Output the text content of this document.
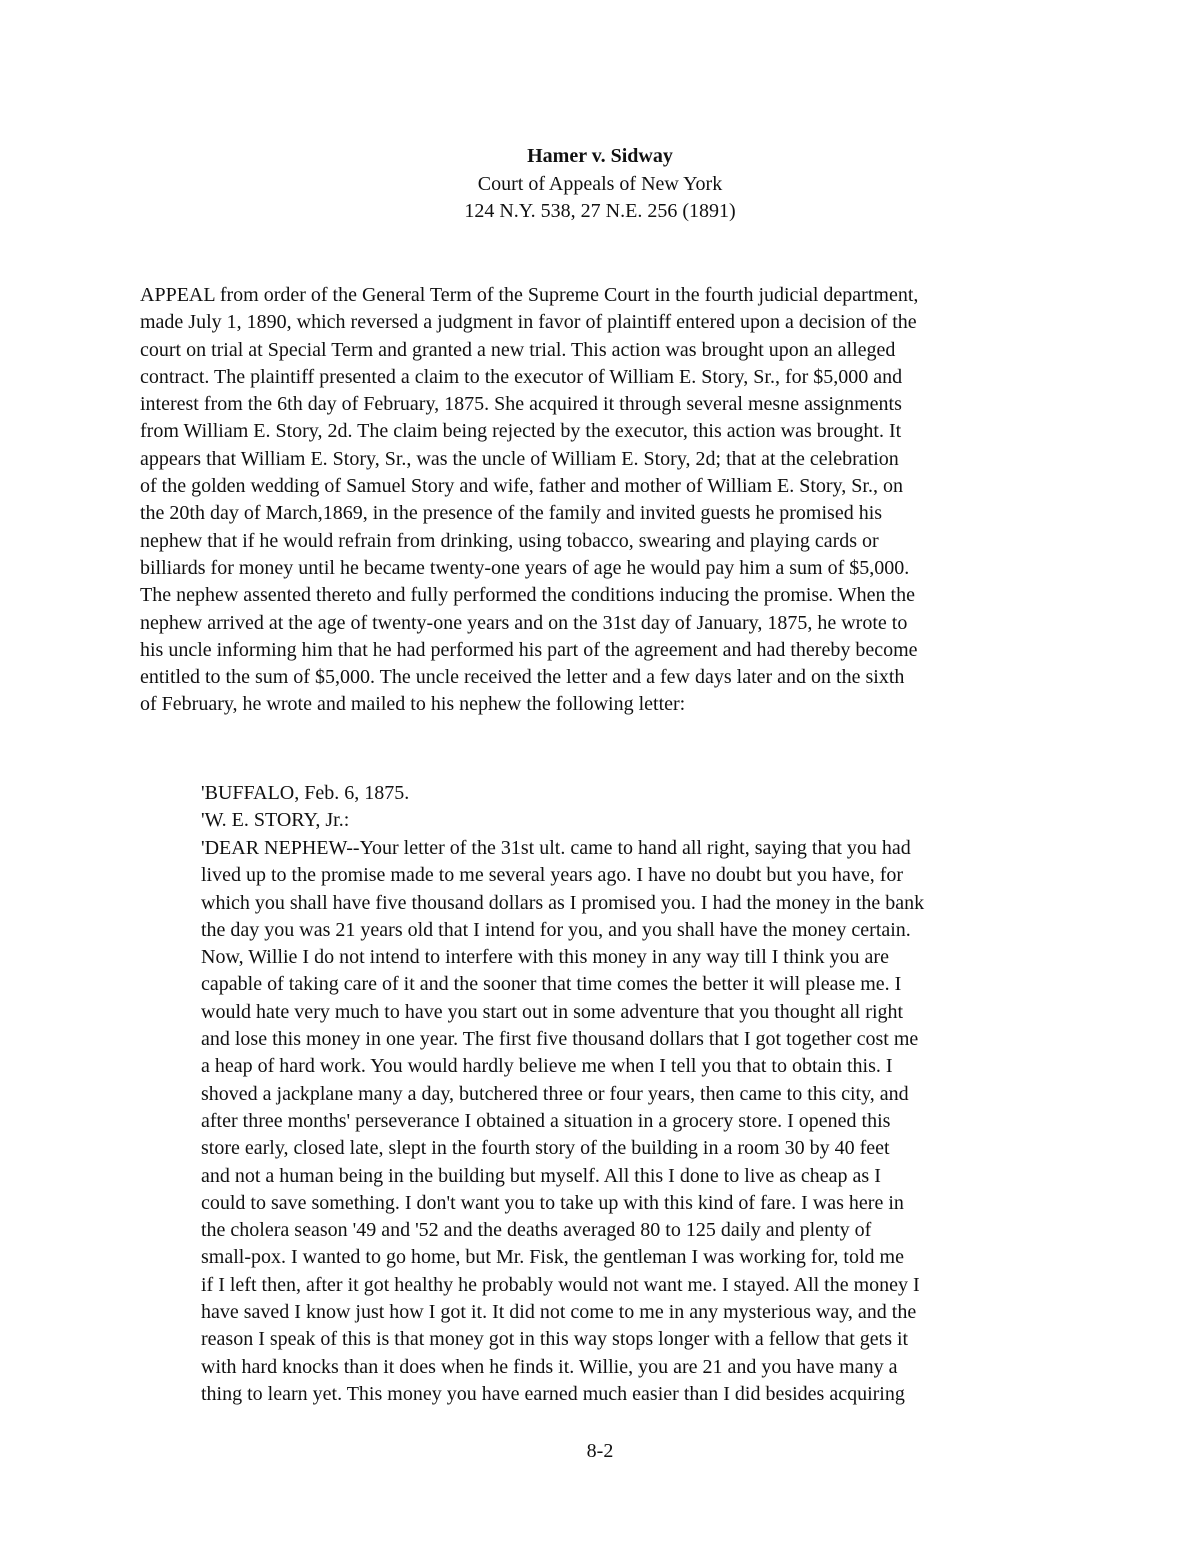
Hamer v. Sidway
Court of Appeals of New York
124 N.Y. 538, 27 N.E. 256 (1891)
APPEAL from order of the General Term of the Supreme Court in the fourth judicial department,
made July 1, 1890, which reversed a judgment in favor of plaintiff entered upon a decision of the
court on trial at Special Term and granted a new trial. This action was brought upon an alleged
contract. The plaintiff presented a claim to the executor of William E. Story, Sr., for $5,000 and
interest from the 6th day of February, 1875. She acquired it through several mesne assignments
from William E. Story, 2d. The claim being rejected by the executor, this action was brought. It
appears that William E. Story, Sr., was the uncle of William E. Story, 2d; that at the celebration
of the golden wedding of Samuel Story and wife, father and mother of William E. Story, Sr., on
the 20th day of March,1869, in the presence of the family and invited guests he promised his
nephew that if he would refrain from drinking, using tobacco, swearing and playing cards or
billiards for money until he became twenty-one years of age he would pay him a sum of $5,000.
The nephew assented thereto and fully performed the conditions inducing the promise. When the
nephew arrived at the age of twenty-one years and on the 31st day of January, 1875, he wrote to
his uncle informing him that he had performed his part of the agreement and had thereby become
entitled to the sum of $5,000. The uncle received the letter and a few days later and on the sixth
of February, he wrote and mailed to his nephew the following letter:
'BUFFALO, Feb. 6, 1875.
'W. E. STORY, Jr.:
'DEAR NEPHEW--Your letter of the 31st ult. came to hand all right, saying that you had
lived up to the promise made to me several years ago. I have no doubt but you have, for
which you shall have five thousand dollars as I promised you. I had the money in the bank
the day you was 21 years old that I intend for you, and you shall have the money certain.
Now, Willie I do not intend to interfere with this money in any way till I think you are
capable of taking care of it and the sooner that time comes the better it will please me. I
would hate very much to have you start out in some adventure that you thought all right
and lose this money in one year. The first five thousand dollars that I got together cost me
a heap of hard work. You would hardly believe me when I tell you that to obtain this. I
shoved a jackplane many a day, butchered three or four years, then came to this city, and
after three months' perseverance I obtained a situation in a grocery store. I opened this
store early, closed late, slept in the fourth story of the building in a room 30 by 40 feet
and not a human being in the building but myself. All this I done to live as cheap as I
could to save something. I don't want you to take up with this kind of fare. I was here in
the cholera season '49 and '52 and the deaths averaged 80 to 125 daily and plenty of
small-pox. I wanted to go home, but Mr. Fisk, the gentleman I was working for, told me
if I left then, after it got healthy he probably would not want me. I stayed. All the money I
have saved I know just how I got it. It did not come to me in any mysterious way, and the
reason I speak of this is that money got in this way stops longer with a fellow that gets it
with hard knocks than it does when he finds it. Willie, you are 21 and you have many a
thing to learn yet. This money you have earned much easier than I did besides acquiring
8-2
